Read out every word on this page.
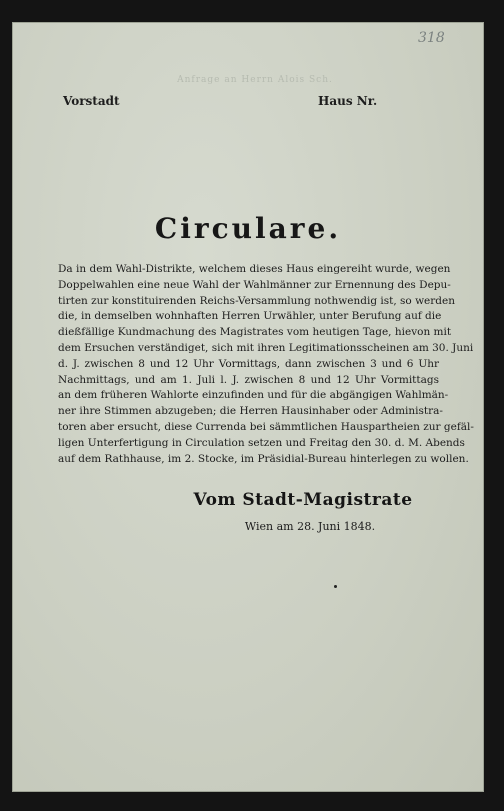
318
Anfrage an Herrn Alois Sch.
Vorstadt	Haus Nr.
Circulare.
Da in dem Wahl-Distrikte, welchem dieses Haus eingereiht wurde, wegen
Doppelwahlen eine neue Wahl der Wahlmänner zur Ernennung des Depu-
tirten zur konstituirenden Reichs-Versammlung nothwendig ist, so werden
die, in demselben wohnhaften Herren Urwähler, unter Berufung auf die
dießfällige Kundmachung des Magistrates vom heutigen Tage, hievon mit
dem Ersuchen verständiget, sich mit ihren Legitimationsscheinen am 30. Juni
d. J. zwischen 8 und 12 Uhr Vormittags, dann zwischen 3 und 6 Uhr
Nachmittags, und am 1. Juli l. J. zwischen 8 und 12 Uhr Vormittags
an dem früheren Wahlorte einzufinden und für die abgängigen Wahlmän-
ner ihre Stimmen abzugeben; die Herren Hausinhaber oder Administra-
toren aber ersucht, diese Currenda bei sämmtlichen Hauspartheien zur gefäl-
ligen Unterfertigung in Circulation setzen und Freitag den 30. d. M. Abends
auf dem Rathhause, im 2. Stocke, im Präsidial-Bureau hinterlegen zu wollen.
Vom Stadt-Magistrate
Wien am 28. Juni 1848.
